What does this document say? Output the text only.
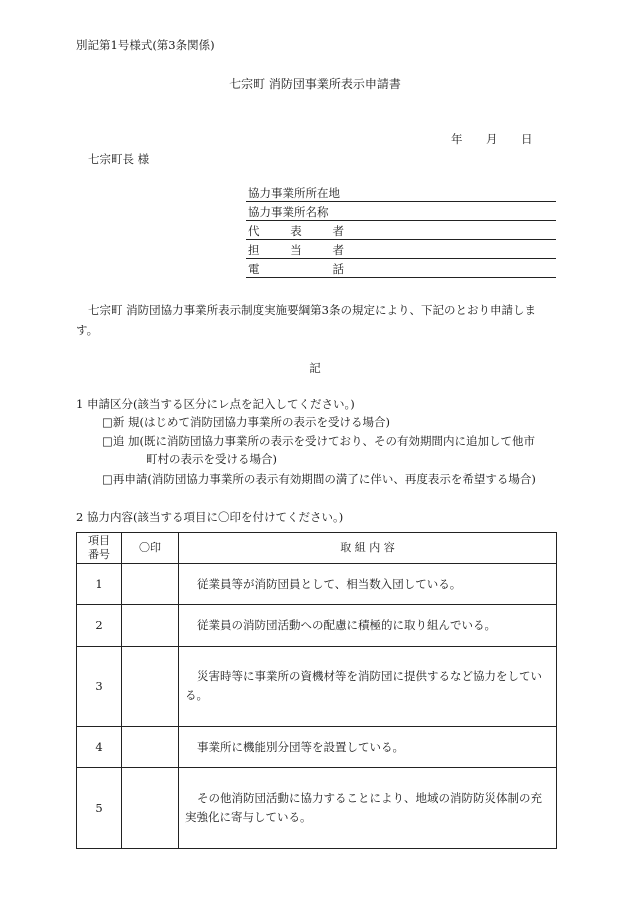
別記第1号様式(第3条関係)
七宗町 消防団事業所表示申請書
年 月 日
七宗町長 様
協力事業所所在地
協力事業所名称
代	表	者
担	当	者
電	話
七宗町 消防団協力事業所表示制度実施要綱第3条の規定により、下記のとおり申請します。
記
1 申請区分(該当する区分にレ点を記入してください。)
□新 規(はじめて消防団協力事業所の表示を受ける場合)
□追 加(既に消防団協力事業所の表示を受けており、その有効期間内に追加して他市
町村の表示を受ける場合)
□再申請(消防団協力事業所の表示有効期間の満了に伴い、再度表示を希望する場合)
2 協力内容(該当する項目に〇印を付けてください。)
項目
番号	〇印	取 組 内 容
1		従業員等が消防団員として、相当数入団している。

2		従業員の消防団活動への配慮に積極的に取り組んでいる。

3		災害時等に事業所の資機材等を消防団に提供するなど協力をしている。

4		事業所に機能別分団等を設置している。

5		その他消防団活動に協力することにより、地域の消防防災体制の充実強化に寄与している。
